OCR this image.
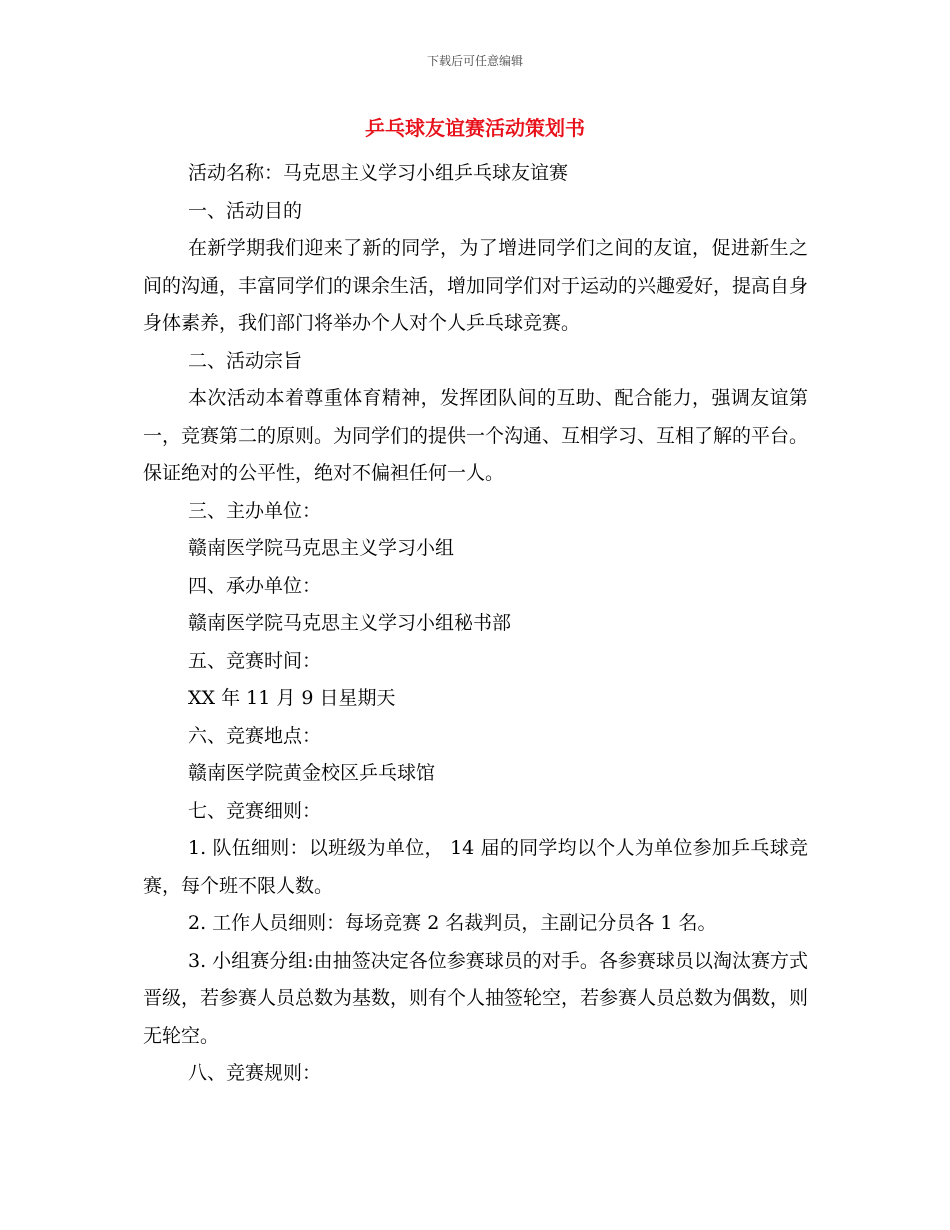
下载后可任意编辑
乒乓球友谊赛活动策划书

活动名称：马克思主义学习小组乒乓球友谊赛

一、活动目的

在新学期我们迎来了新的同学，为了增进同学们之间的友谊，促进新生之间的沟通，丰富同学们的课余生活，增加同学们对于运动的兴趣爱好，提高自身身体素养，我们部门将举办个人对个人乒乓球竞赛。

二、活动宗旨

本次活动本着尊重体育精神，发挥团队间的互助、配合能力，强调友谊第一，竞赛第二的原则。为同学们的提供一个沟通、互相学习、互相了解的平台。保证绝对的公平性，绝对不偏袒任何一人。

三、主办单位：

赣南医学院马克思主义学习小组

四、承办单位：

赣南医学院马克思主义学习小组秘书部

五、竞赛时间：

XX 年 11 月 9 日星期天

六、竞赛地点：

赣南医学院黄金校区乒乓球馆

七、竞赛细则：

1. 队伍细则：以班级为单位， 14 届的同学均以个人为单位参加乒乓球竞赛，每个班不限人数。

2. 工作人员细则：每场竞赛 2 名裁判员，主副记分员各 1 名。

3. 小组赛分组:由抽签决定各位参赛球员的对手。各参赛球员以淘汰赛方式晋级，若参赛人员总数为基数，则有个人抽签轮空，若参赛人员总数为偶数，则无轮空。

八、竞赛规则：
